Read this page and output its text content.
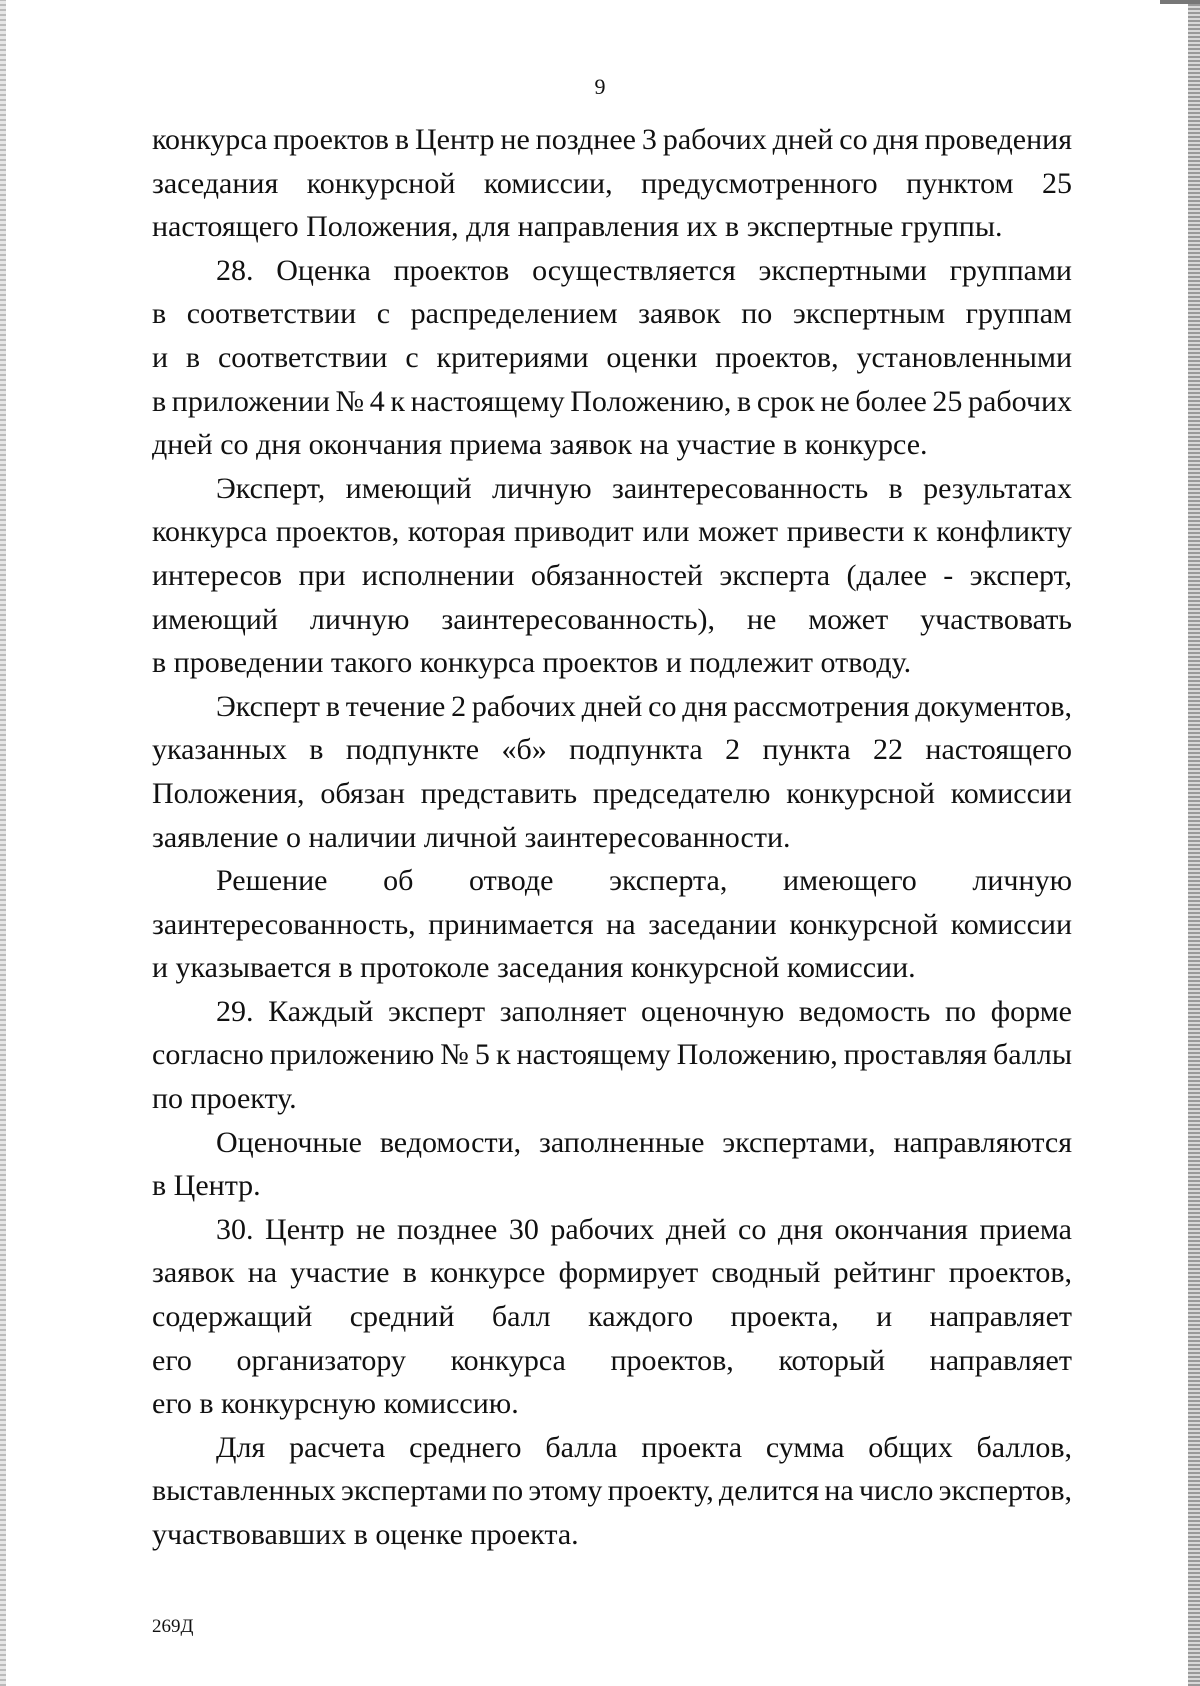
9
конкурса проектов в Центр не позднее 3 рабочих дней со дня проведения
заседания конкурсной комиссии, предусмотренного пунктом 25
настоящего Положения, для направления их в экспертные группы.
28. Оценка проектов осуществляется экспертными группами
в соответствии с распределением заявок по экспертным группам
и в соответствии с критериями оценки проектов, установленными
в приложении № 4 к настоящему Положению, в срок не более 25 рабочих
дней со дня окончания приема заявок на участие в конкурсе.
Эксперт, имеющий личную заинтересованность в результатах
конкурса проектов, которая приводит или может привести к конфликту
интересов при исполнении обязанностей эксперта (далее - эксперт,
имеющий личную заинтересованность), не может участвовать
в проведении такого конкурса проектов и подлежит отводу.
Эксперт в течение 2 рабочих дней со дня рассмотрения документов,
указанных в подпункте «б» подпункта 2 пункта 22 настоящего
Положения, обязан представить председателю конкурсной комиссии
заявление о наличии личной заинтересованности.
Решение об отводе эксперта, имеющего личную
заинтересованность, принимается на заседании конкурсной комиссии
и указывается в протоколе заседания конкурсной комиссии.
29. Каждый эксперт заполняет оценочную ведомость по форме
согласно приложению № 5 к настоящему Положению, проставляя баллы
по проекту.
Оценочные ведомости, заполненные экспертами, направляются
в Центр.
30. Центр не позднее 30 рабочих дней со дня окончания приема
заявок на участие в конкурсе формирует сводный рейтинг проектов,
содержащий средний балл каждого проекта, и направляет
его организатору конкурса проектов, который направляет
его в конкурсную комиссию.
Для расчета среднего балла проекта сумма общих баллов,
выставленных экспертами по этому проекту, делится на число экспертов,
участвовавших в оценке проекта.
269Д
